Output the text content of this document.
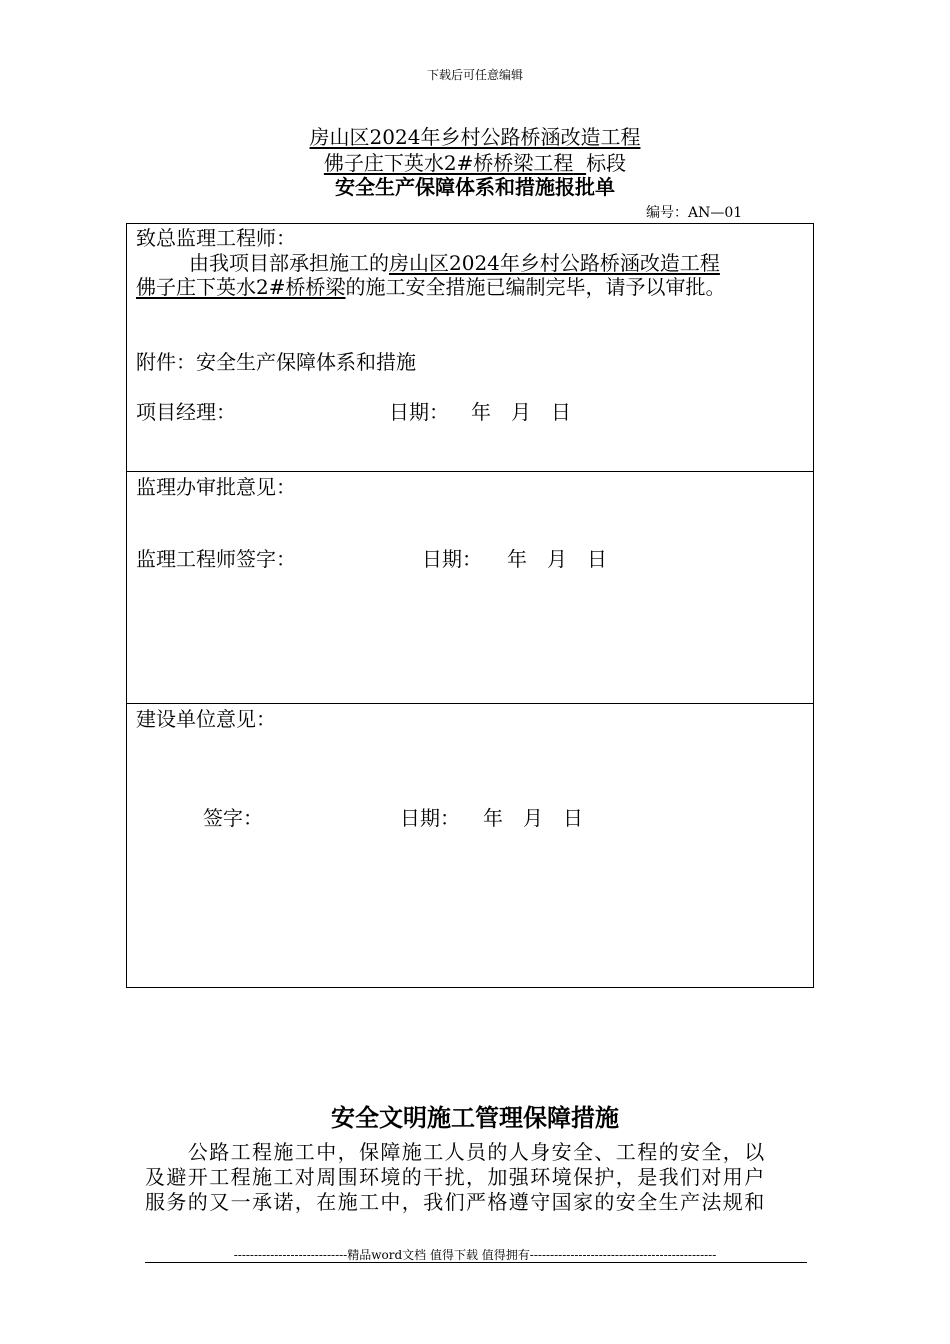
下载后可任意编辑
房山区2024年乡村公路桥涵改造工程
佛子庄下英水2#桥桥梁工程 标段
安全生产保障体系和措施报批单
编号：AN—01
致总监理工程师：
由我项目部承担施工的房山区2024年乡村公路桥涵改造工程
佛子庄下英水2#桥桥梁的施工安全措施已编制完毕，请予以审批。
附件：安全生产保障体系和措施
项目经理：	日期： 年　月　日
监理办审批意见：
监理工程师签字：	日期： 年　月　日
建设单位意见：
签字：	日期： 年　月　日
安全文明施工管理保障措施

　　公路工程施工中，保障施工人员的人身安全、工程的安全，以

及避开工程施工对周围环境的干扰，加强环境保护，是我们对用户

服务的又一承诺，在施工中，我们严格遵守国家的安全生产法规和

----------------------------精品word文档 值得下载 值得拥有----------------------------------------------
